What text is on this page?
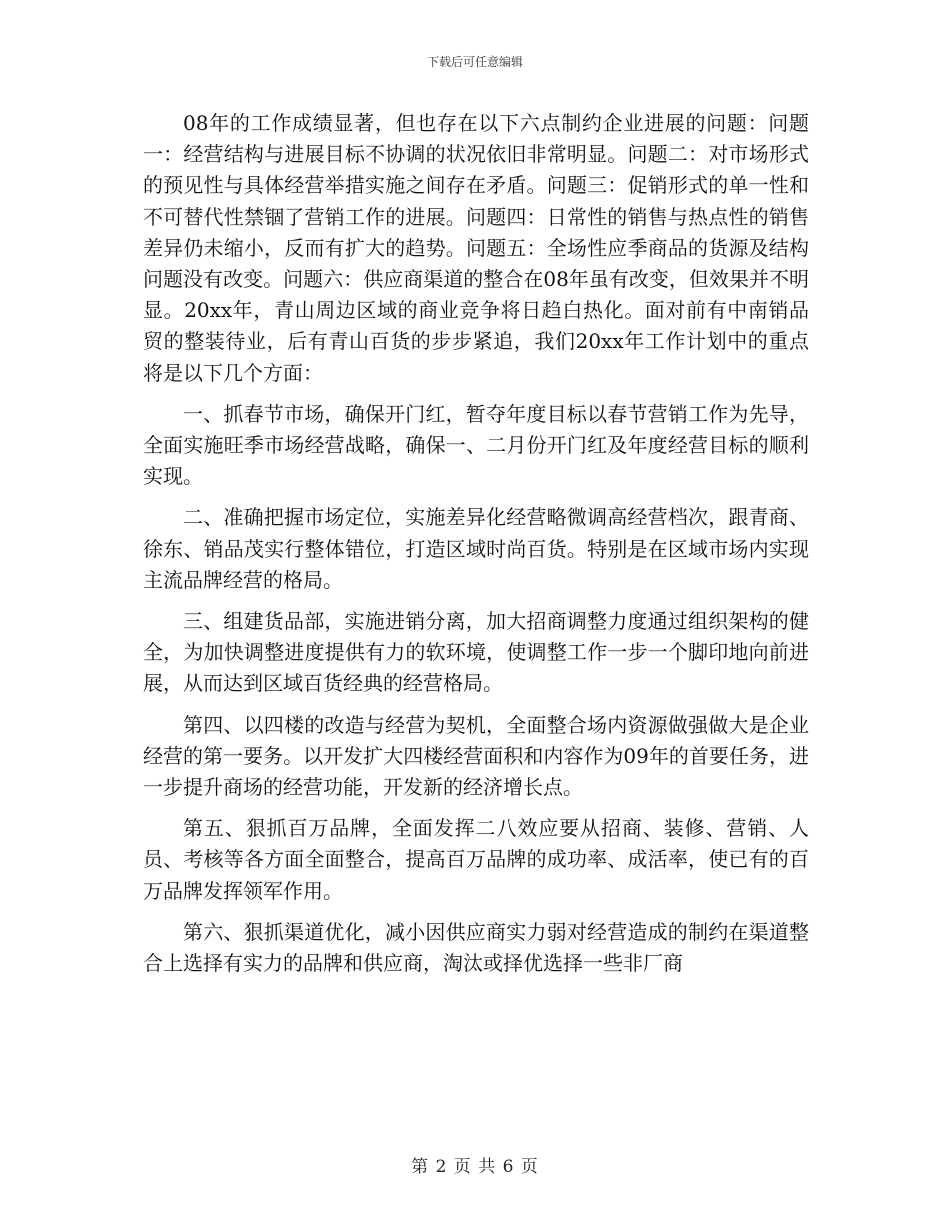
下载后可任意编辑

08年的工作成绩显著，但也存在以下六点制约企业进展的问题：问题一：经营结构与进展目标不协调的状况依旧非常明显。问题二：对市场形式的预见性与具体经营举措实施之间存在矛盾。问题三：促销形式的单一性和不可替代性禁锢了营销工作的进展。问题四：日常性的销售与热点性的销售差异仍未缩小，反而有扩大的趋势。问题五：全场性应季商品的货源及结构问题没有改变。问题六：供应商渠道的整合在08年虽有改变，但效果并不明显。20xx年，青山周边区域的商业竞争将日趋白热化。面对前有中南销品贸的整装待业，后有青山百货的步步紧追，我们20xx年工作计划中的重点将是以下几个方面：

一、抓春节市场，确保开门红，暂夺年度目标以春节营销工作为先导，全面实施旺季市场经营战略，确保一、二月份开门红及年度经营目标的顺利实现。

二、准确把握市场定位，实施差异化经营略微调高经营档次，跟青商、徐东、销品茂实行整体错位，打造区域时尚百货。特别是在区域市场内实现主流品牌经营的格局。

三、组建货品部，实施进销分离，加大招商调整力度通过组织架构的健全，为加快调整进度提供有力的软环境，使调整工作一步一个脚印地向前进展，从而达到区域百货经典的经营格局。

第四、以四楼的改造与经营为契机，全面整合场内资源做强做大是企业经营的第一要务。以开发扩大四楼经营面积和内容作为09年的首要任务，进一步提升商场的经营功能，开发新的经济增长点。

第五、狠抓百万品牌，全面发挥二八效应要从招商、装修、营销、人员、考核等各方面全面整合，提高百万品牌的成功率、成活率，使已有的百万品牌发挥领军作用。

第六、狠抓渠道优化，减小因供应商实力弱对经营造成的制约在渠道整合上选择有实力的品牌和供应商，淘汰或择优选择一些非厂商

第 2 页 共 6 页
